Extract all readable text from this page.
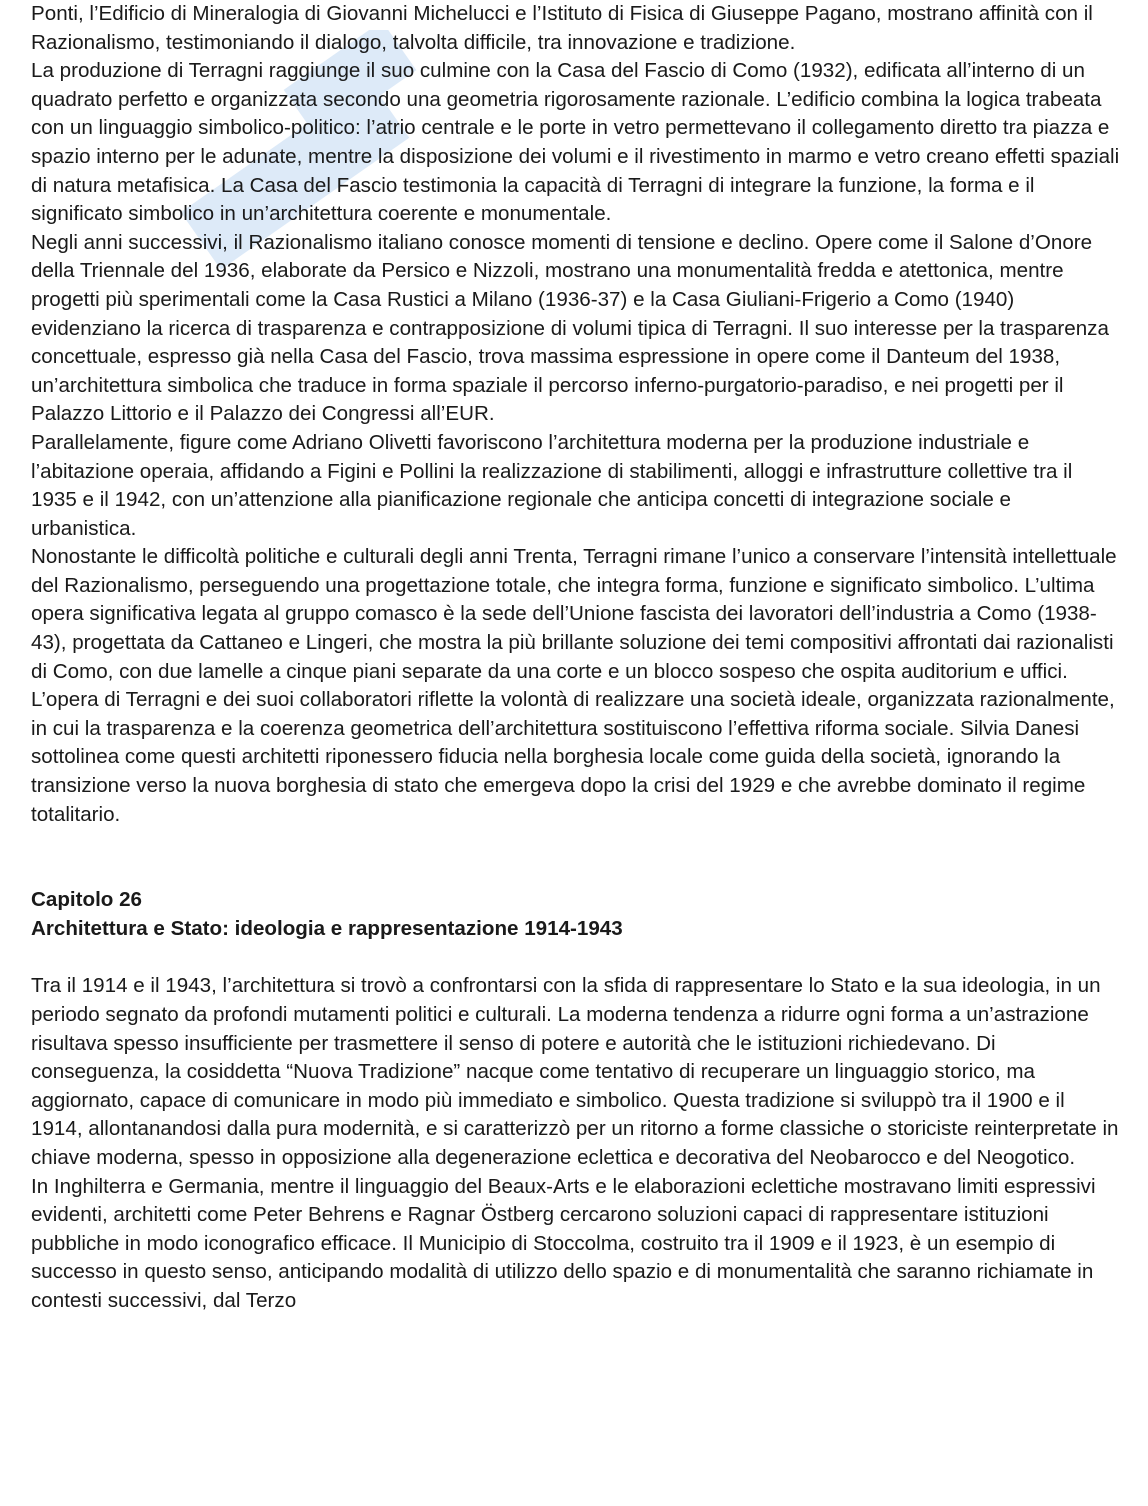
Ponti, l’Edificio di Mineralogia di Giovanni Michelucci e l’Istituto di Fisica di Giuseppe Pagano, mostrano affinità con il Razionalismo, testimoniando il dialogo, talvolta difficile, tra innovazione e tradizione.

La produzione di Terragni raggiunge il suo culmine con la Casa del Fascio di Como (1932), edificata all’interno di un quadrato perfetto e organizzata secondo una geometria rigorosamente razionale. L’edificio combina la logica trabeata con un linguaggio simbolico-politico: l’atrio centrale e le porte in vetro permettevano il collegamento diretto tra piazza e spazio interno per le adunate, mentre la disposizione dei volumi e il rivestimento in marmo e vetro creano effetti spaziali di natura metafisica. La Casa del Fascio testimonia la capacità di Terragni di integrare la funzione, la forma e il significato simbolico in un’architettura coerente e monumentale.

Negli anni successivi, il Razionalismo italiano conosce momenti di tensione e declino. Opere come il Salone d’Onore della Triennale del 1936, elaborate da Persico e Nizzoli, mostrano una monumentalità fredda e atettonica, mentre progetti più sperimentali come la Casa Rustici a Milano (1936-37) e la Casa Giuliani-Frigerio a Como (1940) evidenziano la ricerca di trasparenza e contrapposizione di volumi tipica di Terragni. Il suo interesse per la trasparenza concettuale, espresso già nella Casa del Fascio, trova massima espressione in opere come il Danteum del 1938, un’architettura simbolica che traduce in forma spaziale il percorso inferno-purgatorio-paradiso, e nei progetti per il Palazzo Littorio e il Palazzo dei Congressi all’EUR.

Parallelamente, figure come Adriano Olivetti favoriscono l’architettura moderna per la produzione industriale e l’abitazione operaia, affidando a Figini e Pollini la realizzazione di stabilimenti, alloggi e infrastrutture collettive tra il 1935 e il 1942, con un’attenzione alla pianificazione regionale che anticipa concetti di integrazione sociale e urbanistica.

Nonostante le difficoltà politiche e culturali degli anni Trenta, Terragni rimane l’unico a conservare l’intensità intellettuale del Razionalismo, perseguendo una progettazione totale, che integra forma, funzione e significato simbolico. L’ultima opera significativa legata al gruppo comasco è la sede dell’Unione fascista dei lavoratori dell’industria a Como (1938-43), progettata da Cattaneo e Lingeri, che mostra la più brillante soluzione dei temi compositivi affrontati dai razionalisti di Como, con due lamelle a cinque piani separate da una corte e un blocco sospeso che ospita auditorium e uffici.

L’opera di Terragni e dei suoi collaboratori riflette la volontà di realizzare una società ideale, organizzata razionalmente, in cui la trasparenza e la coerenza geometrica dell’architettura sostituiscono l’effettiva riforma sociale. Silvia Danesi sottolinea come questi architetti riponessero fiducia nella borghesia locale come guida della società, ignorando la transizione verso la nuova borghesia di stato che emergeva dopo la crisi del 1929 e che avrebbe dominato il regime totalitario.

Capitolo 26

Architettura e Stato: ideologia e rappresentazione 1914-1943

Tra il 1914 e il 1943, l’architettura si trovò a confrontarsi con la sfida di rappresentare lo Stato e la sua ideologia, in un periodo segnato da profondi mutamenti politici e culturali. La moderna tendenza a ridurre ogni forma a un’astrazione risultava spesso insufficiente per trasmettere il senso di potere e autorità che le istituzioni richiedevano. Di conseguenza, la cosiddetta “Nuova Tradizione” nacque come tentativo di recuperare un linguaggio storico, ma aggiornato, capace di comunicare in modo più immediato e simbolico. Questa tradizione si sviluppò tra il 1900 e il 1914, allontanandosi dalla pura modernità, e si caratterizzò per un ritorno a forme classiche o storiciste reinterpretate in chiave moderna, spesso in opposizione alla degenerazione eclettica e decorativa del Neobarocco e del Neogotico.

In Inghilterra e Germania, mentre il linguaggio del Beaux-Arts e le elaborazioni eclettiche mostravano limiti espressivi evidenti, architetti come Peter Behrens e Ragnar Östberg cercarono soluzioni capaci di rappresentare istituzioni pubbliche in modo iconografico efficace. Il Municipio di Stoccolma, costruito tra il 1909 e il 1923, è un esempio di successo in questo senso, anticipando modalità di utilizzo dello spazio e di monumentalità che saranno richiamate in contesti successivi, dal Terzo
